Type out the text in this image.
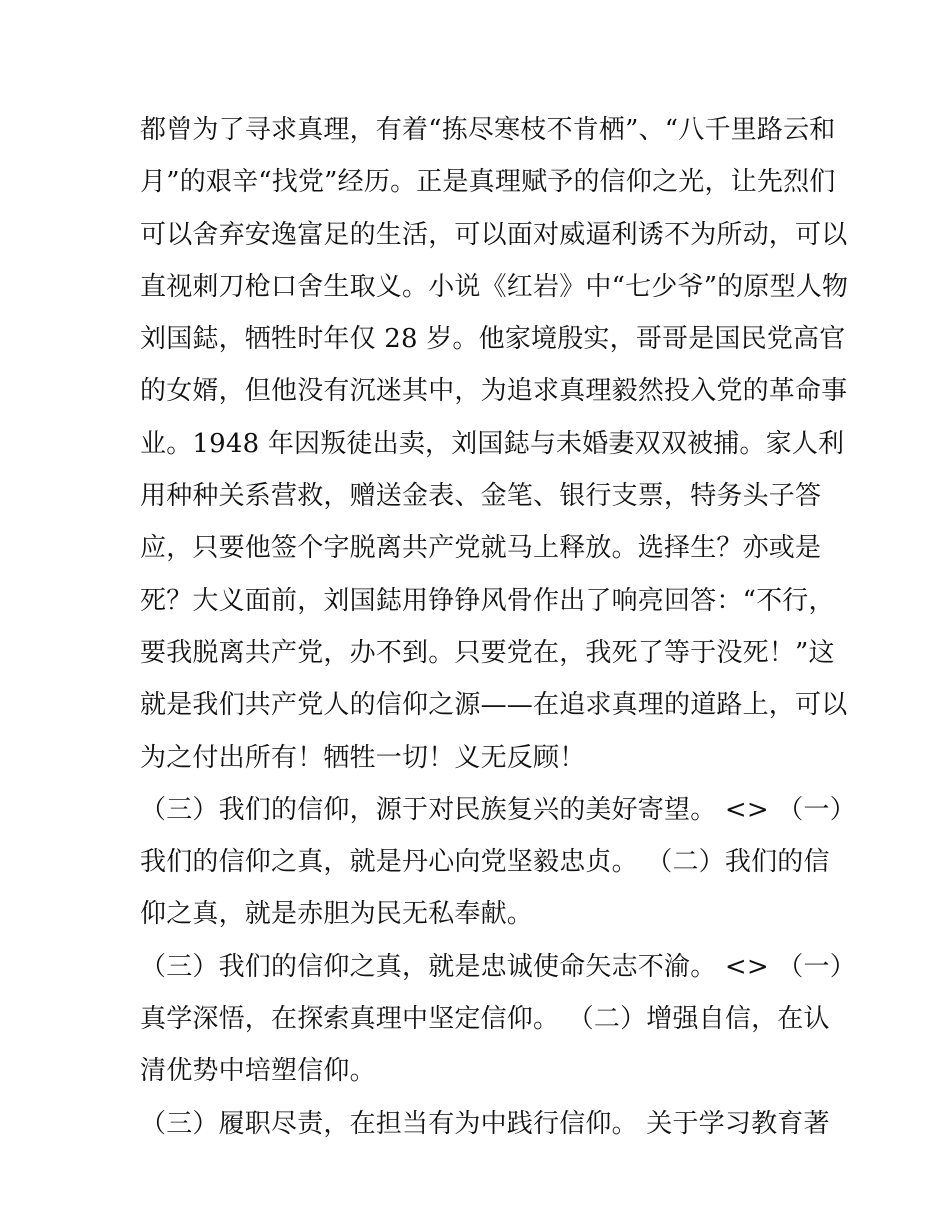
都曾为了寻求真理，有着“拣尽寒枝不肯栖”、“八千里路云和
月”的艰辛“找党”经历。正是真理赋予的信仰之光，让先烈们
可以舍弃安逸富足的生活，可以面对威逼利诱不为所动，可以
直视刺刀枪口舍生取义。小说《红岩》中“七少爷”的原型人物
刘国鋕，牺牲时年仅 28 岁。他家境殷实，哥哥是国民党高官
的女婿，但他没有沉迷其中，为追求真理毅然投入党的革命事
业。1948 年因叛徒出卖，刘国鋕与未婚妻双双被捕。家人利
用种种关系营救，赠送金表、金笔、银行支票，特务头子答
应，只要他签个字脱离共产党就马上释放。选择生？亦或是
死？大义面前，刘国鋕用铮铮风骨作出了响亮回答：“不行，
要我脱离共产党，办不到。只要党在，我死了等于没死！”这
就是我们共产党人的信仰之源——在追求真理的道路上，可以
为之付出所有！牺牲一切！义无反顾！
（三）我们的信仰，源于对民族复兴的美好寄望。 <> （一）
我们的信仰之真，就是丹心向党坚毅忠贞。 （二）我们的信
仰之真，就是赤胆为民无私奉献。
（三）我们的信仰之真，就是忠诚使命矢志不渝。 <> （一）
真学深悟，在探索真理中坚定信仰。 （二）增强自信，在认
清优势中培塑信仰。
（三）履职尽责，在担当有为中践行信仰。 关于学习教育著
